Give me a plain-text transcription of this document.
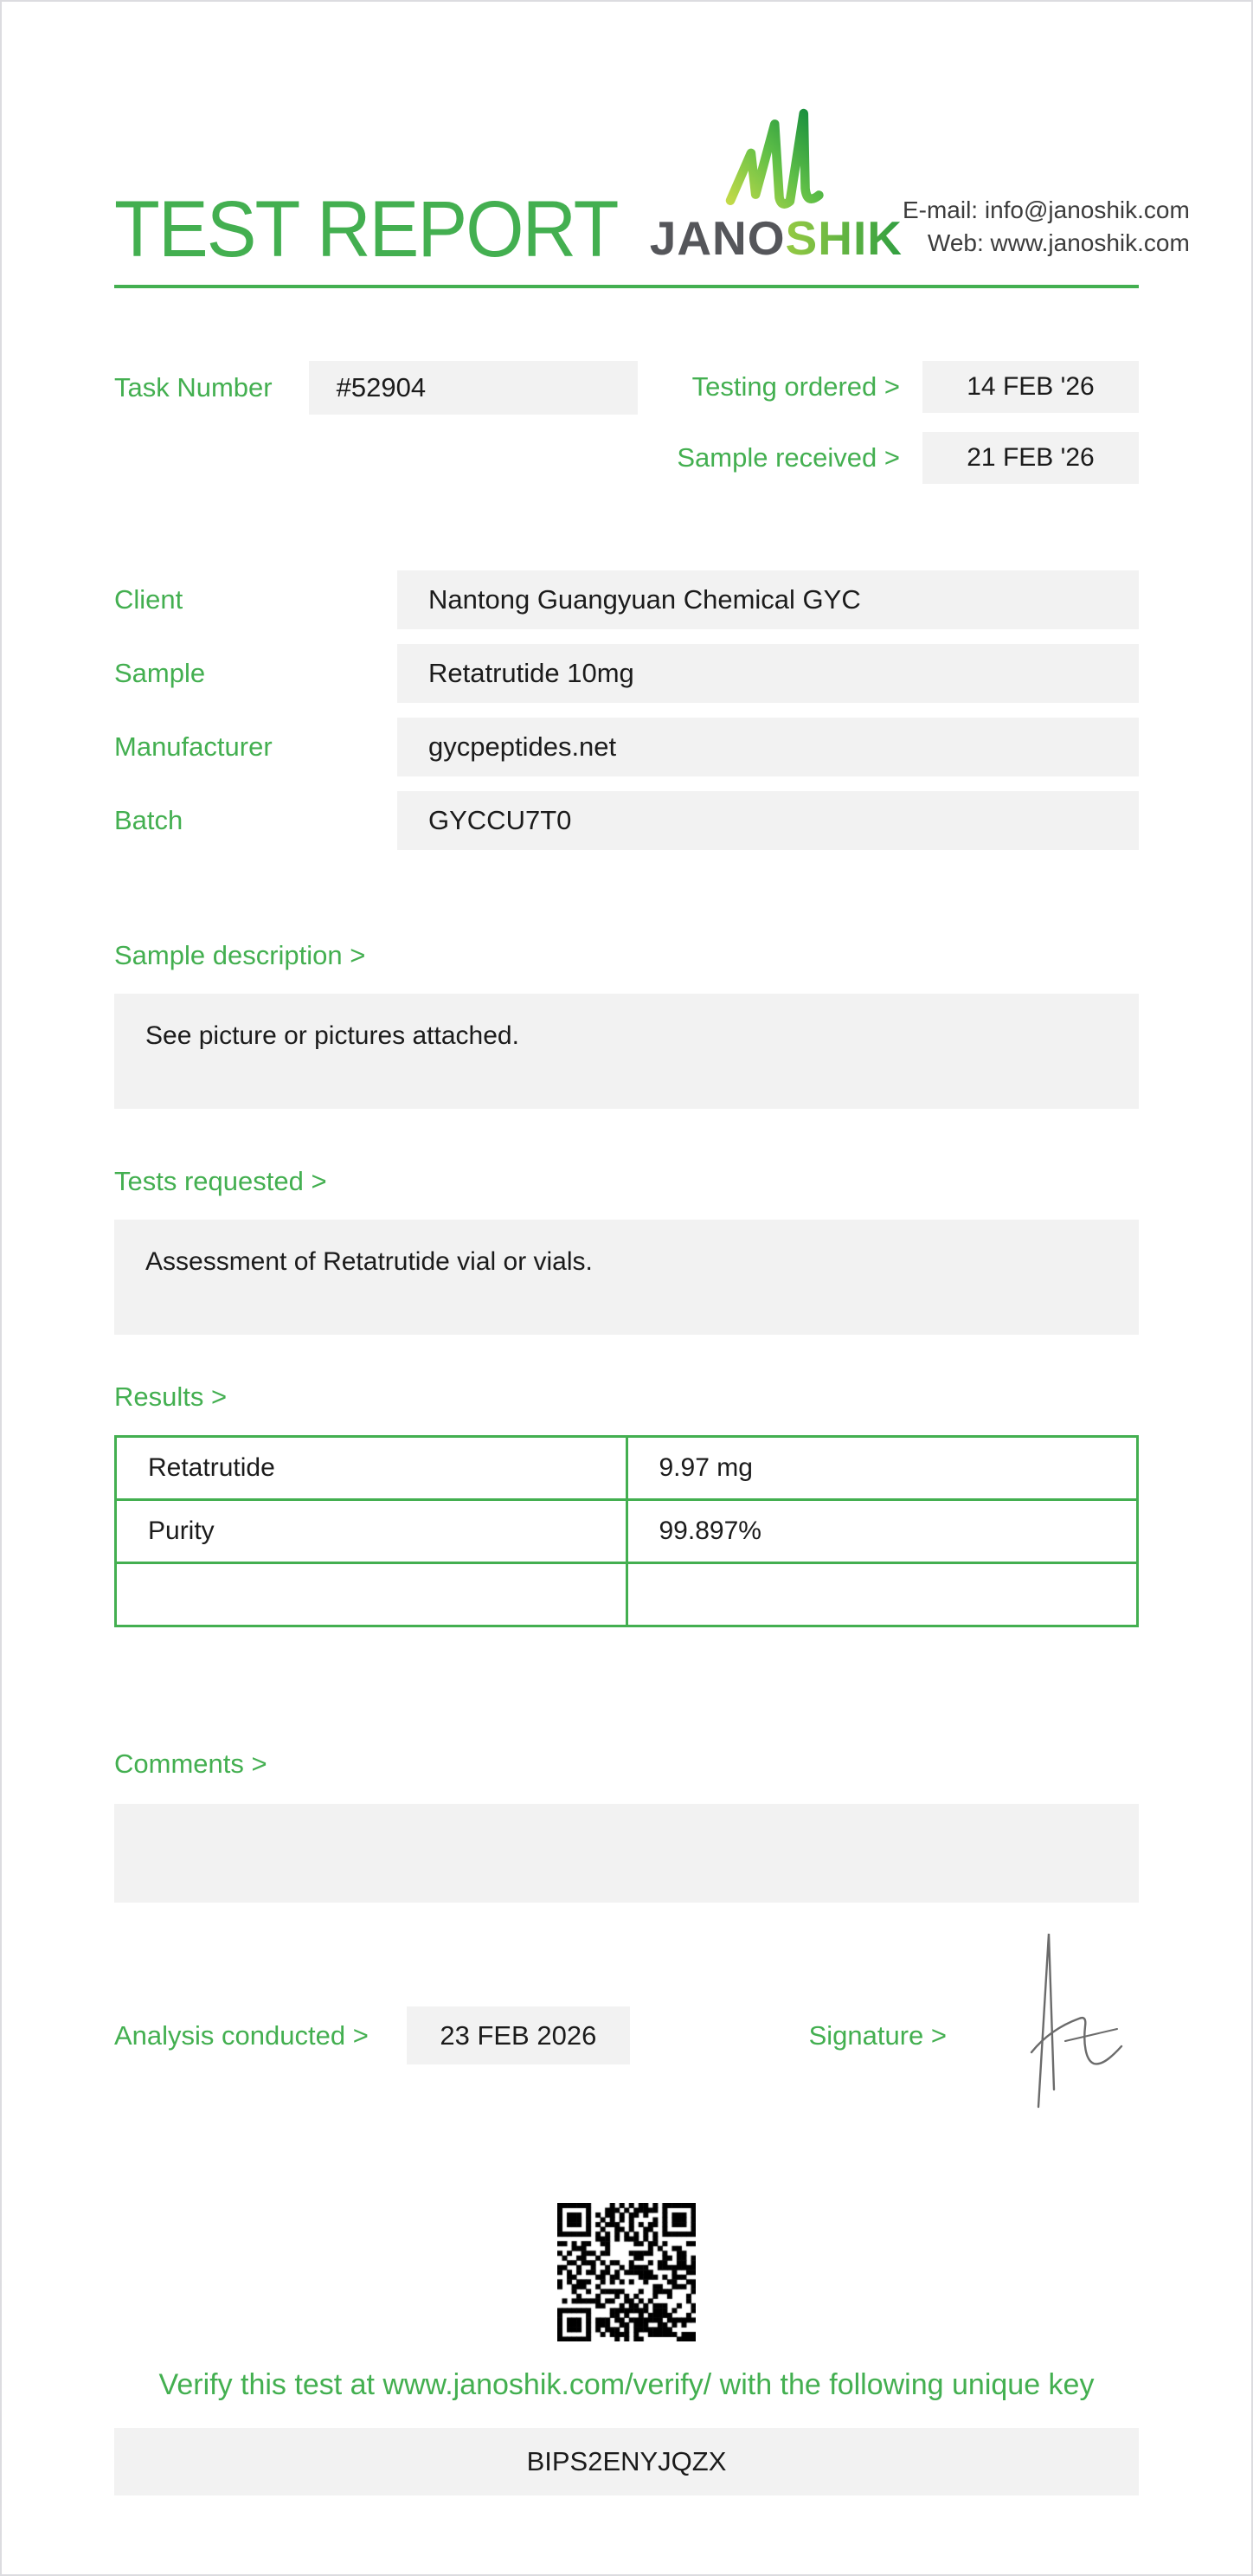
TEST REPORT JANOSHIK
E-mail: info@janoshik.com
Web: www.janoshik.com
Task Number	#52904	Testing ordered >	14 FEB '26
Sample received >	21 FEB '26
Client	Nantong Guangyuan Chemical GYC
Sample	Retatrutide 10mg
Manufacturer	gycpeptides.net
Batch	GYCCU7T0
Sample description >
See picture or pictures attached.
Tests requested >
Assessment of Retatrutide vial or vials.
Results >
Retatrutide	9.97 mg
Purity	99.897%

Comments >
Analysis conducted >	23 FEB 2026	Signature >
Verify this test at www.janoshik.com/verify/ with the following unique key
BIPS2ENYJQZX
